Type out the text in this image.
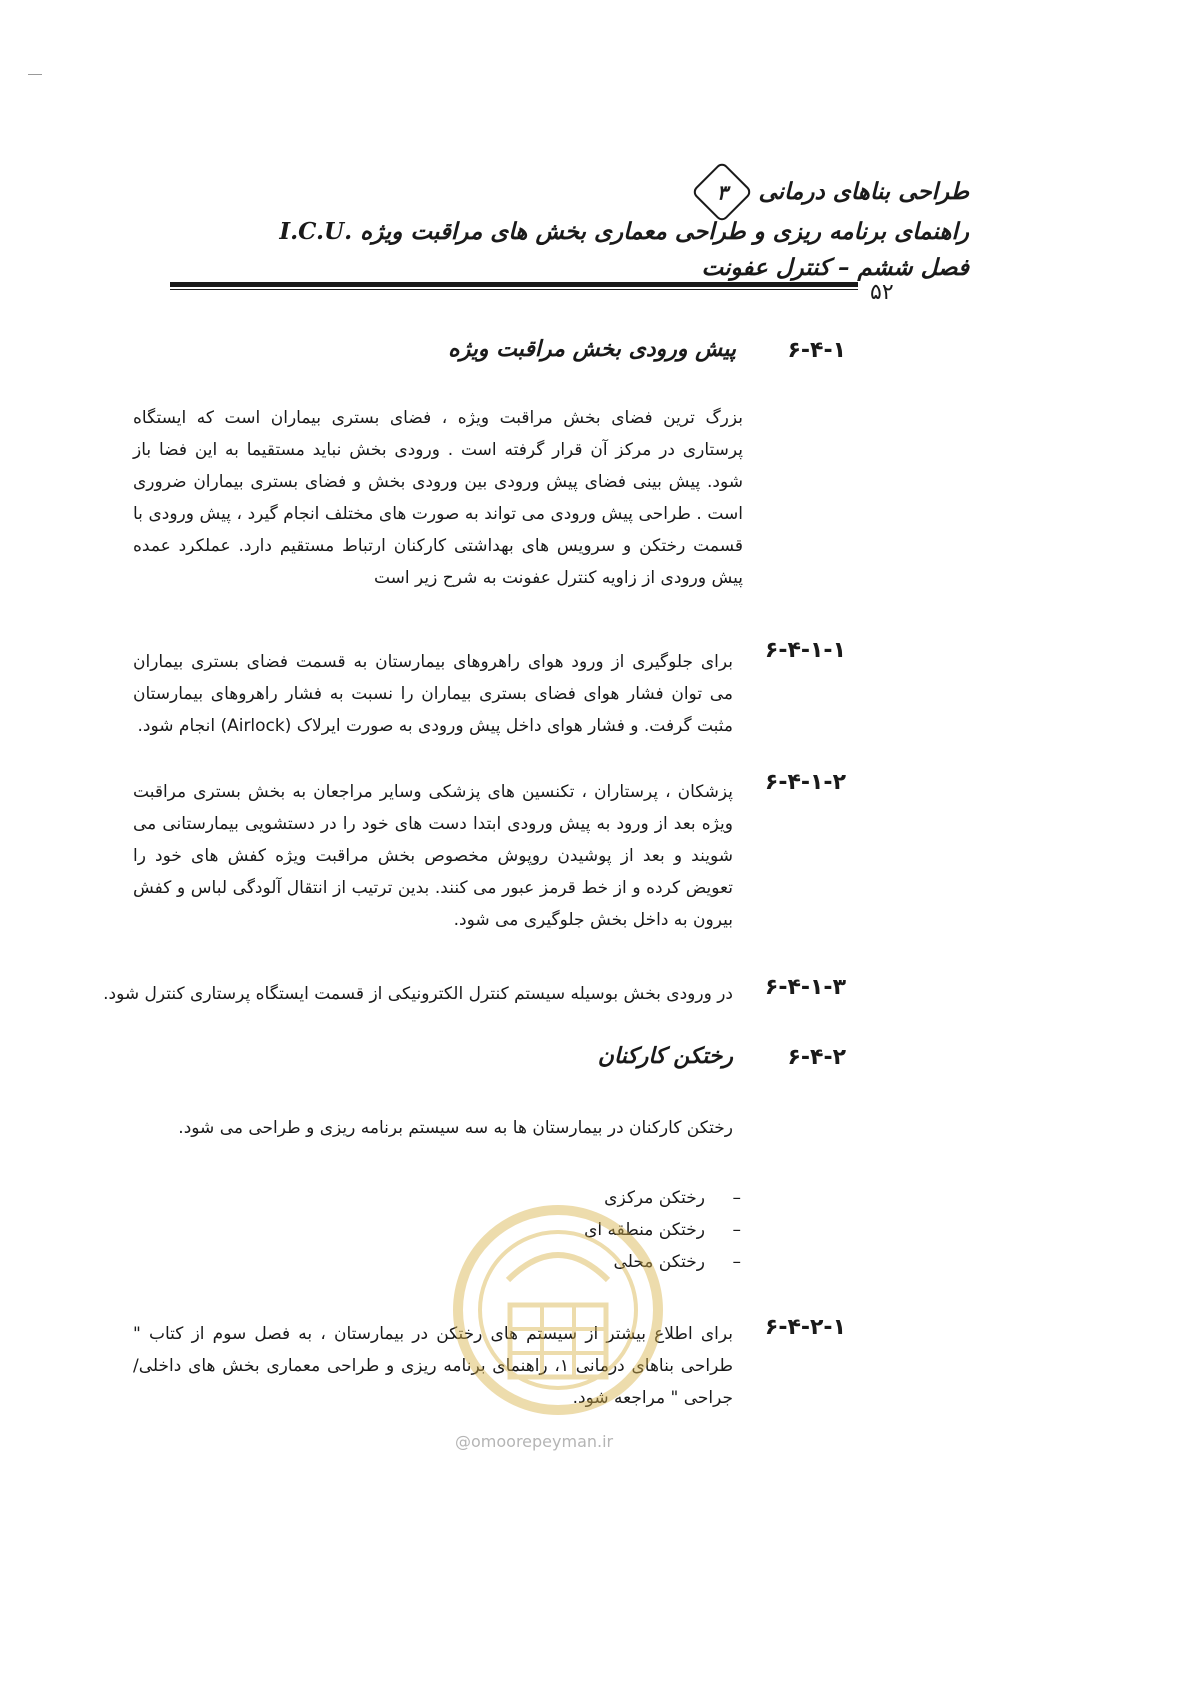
طراحی بناهای درمانی
۳
راهنمای برنامه ریزی و طراحی معماری بخش های مراقبت ویژه .I.C.U
فصل ششم – کنترل عفونت
۵۲
۶-۴-۱
پیش ورودی بخش مراقبت ویژه
بزرگ ترین فضای بخش مراقبت ویژه ، فضای بستری بیماران است که ایستگاه پرستاری در مرکز آن قرار گرفته است . ورودی بخش نباید مستقیما به این فضا باز شود. پیش بینی فضای پیش ورودی بین ورودی بخش و فضای بستری بیماران ضروری است . طراحی پیش ورودی می تواند به صورت های مختلف انجام گیرد ، پیش ورودی با قسمت رختکن و سرویس های بهداشتی کارکنان ارتباط مستقیم دارد. عملکرد عمده پیش ورودی از زاویه کنترل عفونت به شرح زیر است
۶-۴-۱-۱
برای جلوگیری از ورود هوای راهروهای بیمارستان به قسمت فضای بستری بیماران می توان فشار هوای فضای بستری بیماران را نسبت به فشار راهروهای بیمارستان مثبت گرفت. و فشار هوای داخل پیش ورودی به صورت ایرلاک (Airlock) انجام شود.
۶-۴-۱-۲
پزشکان ، پرستاران ، تکنسین های پزشکی وسایر مراجعان به بخش بستری مراقبت ویژه بعد از ورود به پیش ورودی ابتدا دست های خود را در دستشویی بیمارستانی می شویند و بعد از پوشیدن روپوش مخصوص بخش مراقبت ویژه کفش های خود را تعویض کرده و از خط قرمز عبور می کنند. بدین ترتیب از انتقال آلودگی لباس و کفش بیرون به داخل بخش جلوگیری می شود.
۶-۴-۱-۳
در ورودی بخش بوسیله سیستم کنترل الکترونیکی از قسمت ایستگاه پرستاری کنترل شود.
۶-۴-۲
رختکن کارکنان
رختکن کارکنان در بیمارستان ها به سه سیستم برنامه ریزی و طراحی می شود.
–
رختکن مرکزی
–
رختکن منطقه ای
–
رختکن محلی
۶-۴-۲-۱
برای اطلاع بیشتر از سیستم های رختکن در بیمارستان ، به فصل سوم از کتاب " طراحی بناهای درمانی ۱، راهنمای برنامه ریزی و طراحی معماری بخش های داخلی/جراحی " مراجعه شود.
@omoorepeyman.ir
